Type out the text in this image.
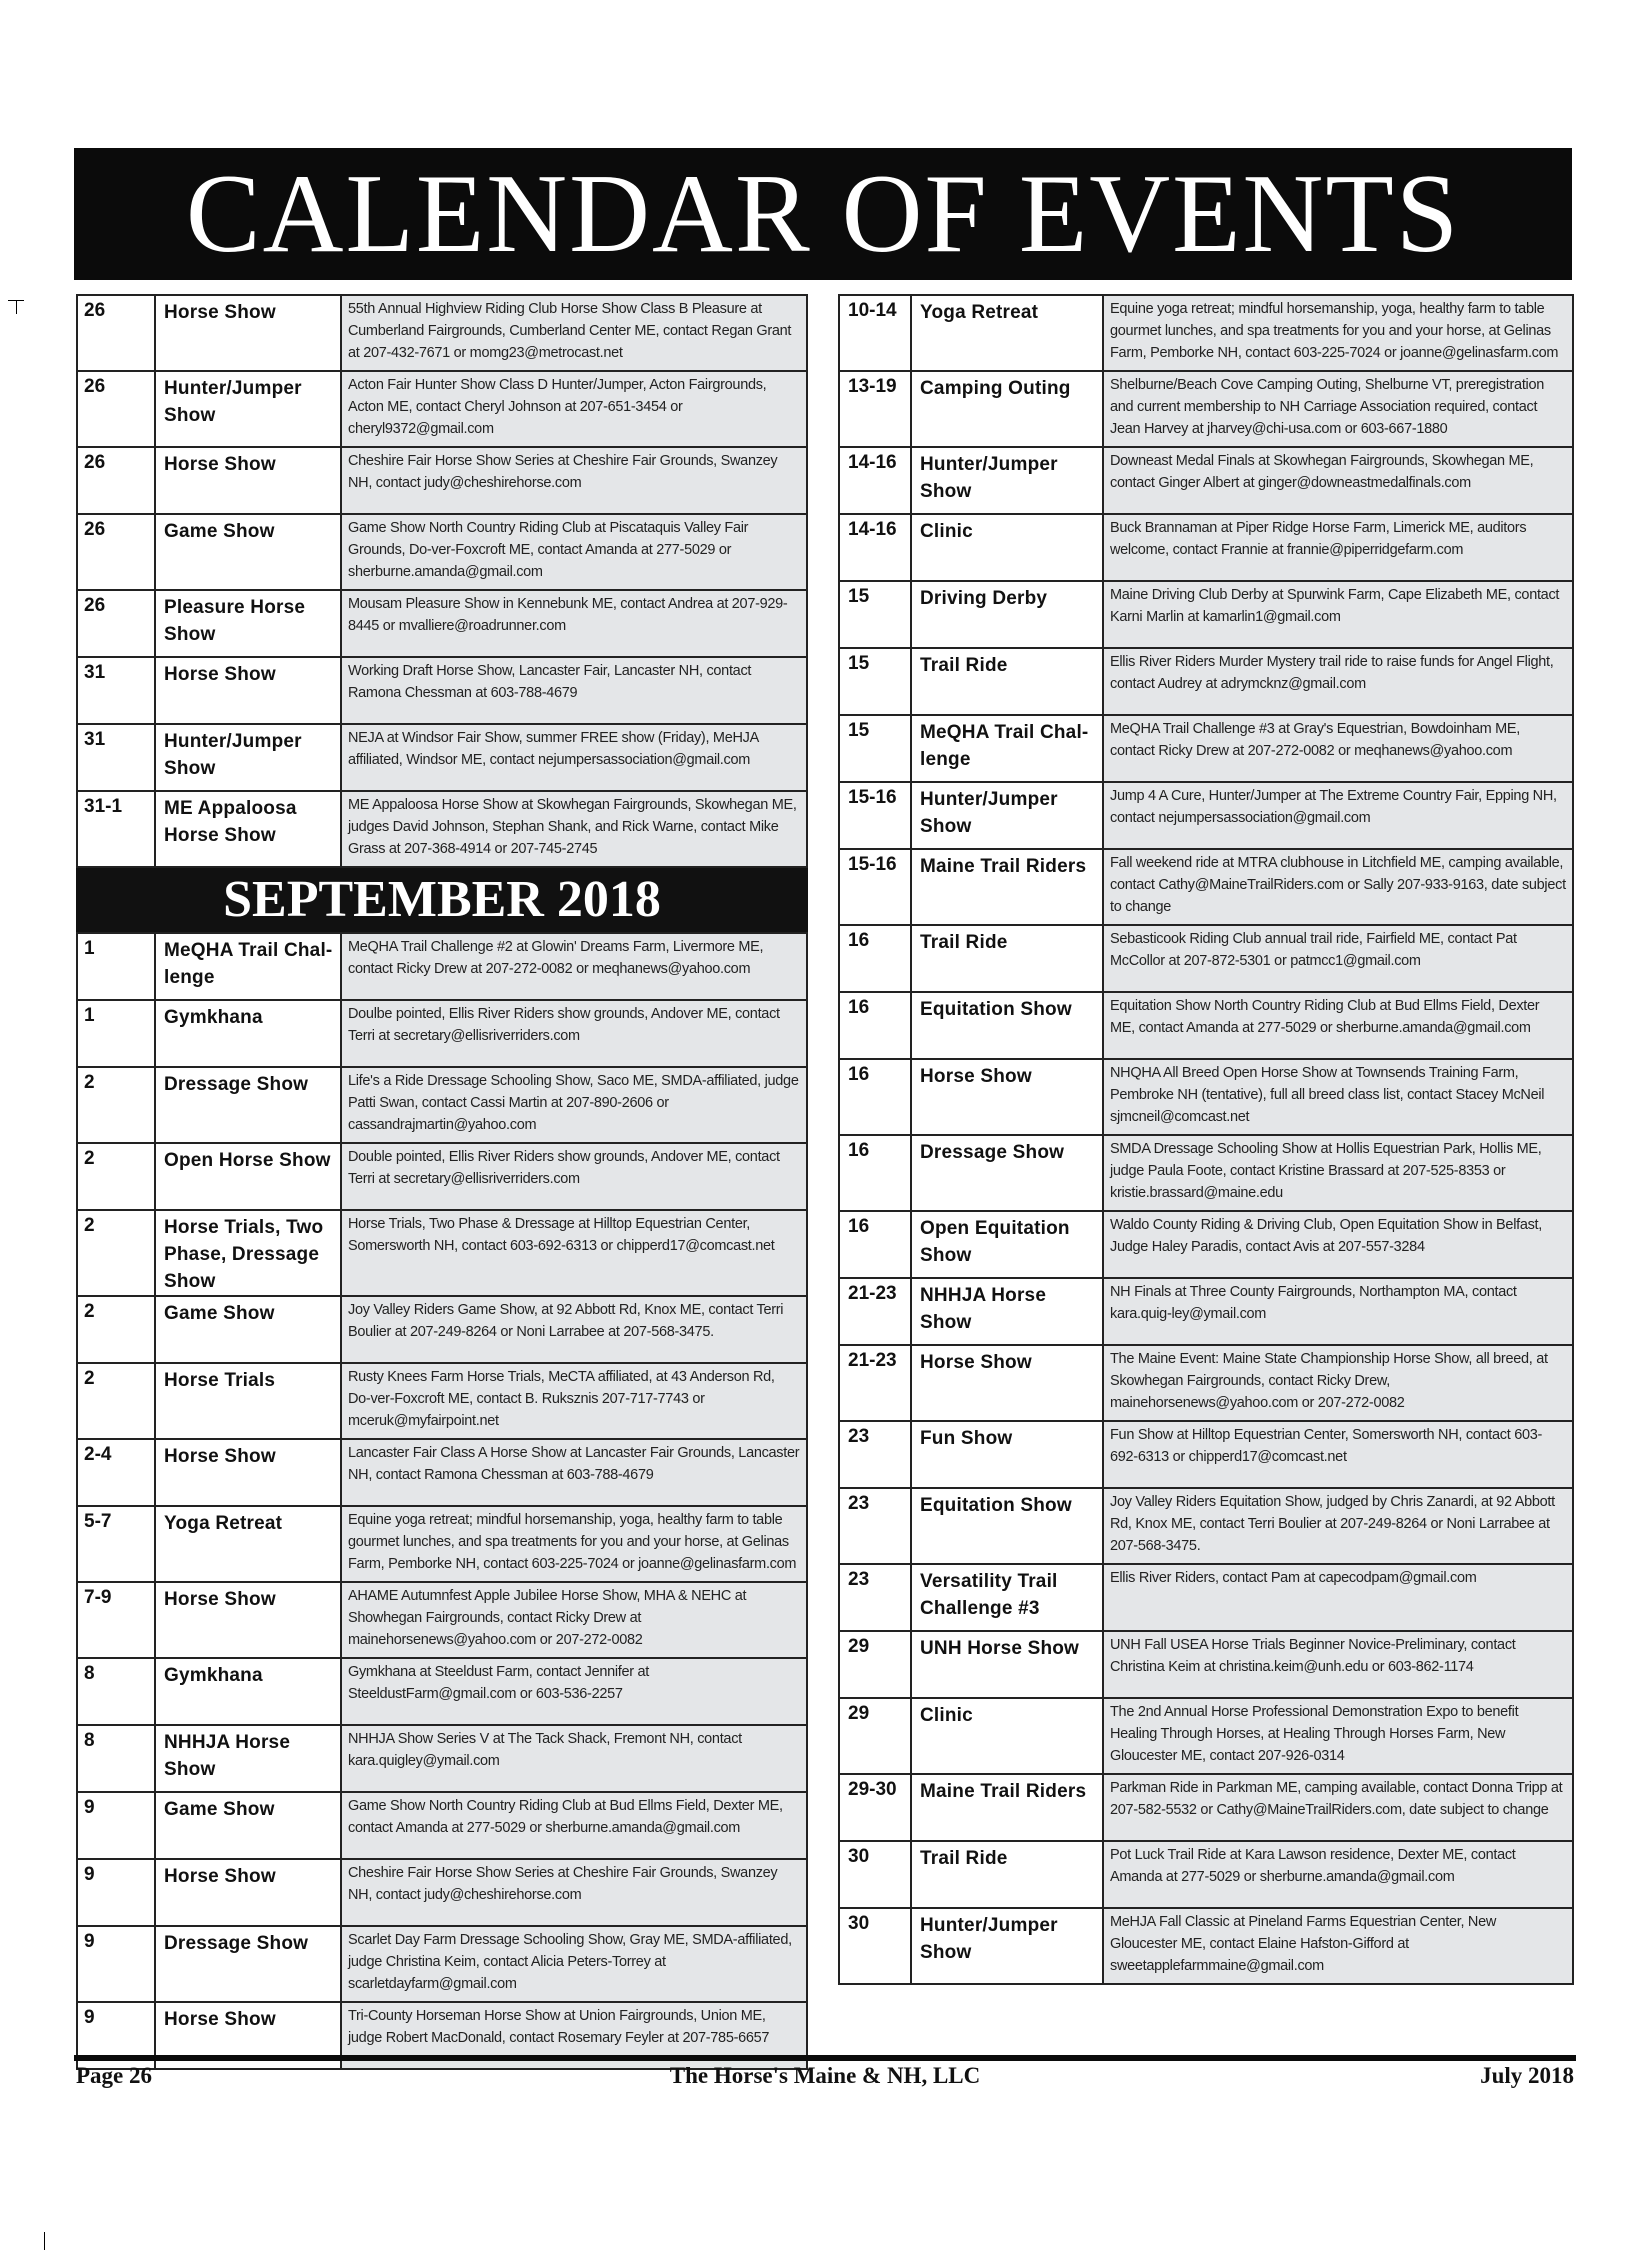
CALENDAR OF EVENTS
26	Horse Show	55th Annual Highview Riding Club Horse Show Class B Pleasure at Cumberland Fairgrounds, Cumberland Center ME, contact Regan Grant at 207-432-7671 or momg23@metrocast.net
26	Hunter/Jumper Show	Acton Fair Hunter Show Class D Hunter/Jumper, Acton Fairgrounds, Acton ME, contact Cheryl Johnson at 207-651-3454 or cheryl9372@gmail.com
26	Horse Show	Cheshire Fair Horse Show Series at Cheshire Fair Grounds, Swanzey NH, contact judy@cheshirehorse.com
26	Game Show	Game Show North Country Riding Club at Piscataquis Valley Fair Grounds, Do-ver-Foxcroft ME, contact Amanda at 277-5029 or sherburne.amanda@gmail.com
26	Pleasure Horse Show	Mousam Pleasure Show in Kennebunk ME, contact Andrea at 207-929-8445 or mvalliere@roadrunner.com
31	Horse Show	Working Draft Horse Show, Lancaster Fair, Lancaster NH, contact Ramona Chessman at 603-788-4679
31	Hunter/Jumper Show	NEJA at Windsor Fair Show, summer FREE show (Friday), MeHJA affiliated, Windsor ME, contact nejumpersassociation@gmail.com
31-1	ME Appaloosa Horse Show	ME Appaloosa Horse Show at Skowhegan Fairgrounds, Skowhegan ME, judges David Johnson, Stephan Shank, and Rick Warne, contact Mike Grass at 207-368-4914 or 207-745-2745
SEPTEMBER 2018
1	MeQHA Trail Chal-lenge	MeQHA Trail Challenge #2 at Glowin' Dreams Farm, Livermore ME, contact Ricky Drew at 207-272-0082 or meqhanews@yahoo.com
1	Gymkhana	Doulbe pointed, Ellis River Riders show grounds, Andover ME, contact Terri at secretary@ellisriverriders.com
2	Dressage Show	Life's a Ride Dressage Schooling Show, Saco ME, SMDA-affiliated, judge Patti Swan, contact Cassi Martin at 207-890-2606 or cassandrajmartin@yahoo.com
2	Open Horse Show	Double pointed, Ellis River Riders show grounds, Andover ME, contact Terri at secretary@ellisriverriders.com
2	Horse Trials, Two Phase, Dressage Show	Horse Trials, Two Phase & Dressage at Hilltop Equestrian Center, Somersworth NH, contact 603-692-6313 or chipperd17@comcast.net
2	Game Show	Joy Valley Riders Game Show, at 92 Abbott Rd, Knox ME, contact Terri Boulier at 207-249-8264 or Noni Larrabee at 207-568-3475.
2	Horse Trials	Rusty Knees Farm Horse Trials, MeCTA affiliated, at 43 Anderson Rd, Do-ver-Foxcroft ME, contact B. Ruksznis 207-717-7743 or mceruk@myfairpoint.net
2-4	Horse Show	Lancaster Fair Class A Horse Show at Lancaster Fair Grounds, Lancaster NH, contact Ramona Chessman at 603-788-4679
5-7	Yoga Retreat	Equine yoga retreat; mindful horsemanship, yoga, healthy farm to table gourmet lunches, and spa treatments for you and your horse, at Gelinas Farm, Pemborke NH, contact 603-225-7024 or joanne@gelinasfarm.com
7-9	Horse Show	AHAME Autumnfest Apple Jubilee Horse Show, MHA & NEHC at Showhegan Fairgrounds, contact Ricky Drew at mainehorsenews@yahoo.com or 207-272-0082
8	Gymkhana	Gymkhana at Steeldust Farm, contact Jennifer at SteeldustFarm@gmail.com or 603-536-2257
8	NHHJA Horse Show	NHHJA Show Series V at The Tack Shack, Fremont NH, contact kara.quigley@ymail.com
9	Game Show	Game Show North Country Riding Club at Bud Ellms Field, Dexter ME, contact Amanda at 277-5029 or sherburne.amanda@gmail.com
9	Horse Show	Cheshire Fair Horse Show Series at Cheshire Fair Grounds, Swanzey NH, contact judy@cheshirehorse.com
9	Dressage Show	Scarlet Day Farm Dressage Schooling Show, Gray ME, SMDA-affiliated, judge Christina Keim, contact Alicia Peters-Torrey at scarletdayfarm@gmail.com
9	Horse Show	Tri-County Horseman Horse Show at Union Fairgrounds, Union ME, judge Robert MacDonald, contact Rosemary Feyler at 207-785-6657
10-14	Yoga Retreat	Equine yoga retreat; mindful horsemanship, yoga, healthy farm to table gourmet lunches, and spa treatments for you and your horse, at Gelinas Farm, Pemborke NH, contact 603-225-7024 or joanne@gelinasfarm.com
13-19	Camping Outing	Shelburne/Beach Cove Camping Outing, Shelburne VT, preregistration and current membership to NH Carriage Association required, contact Jean Harvey at jharvey@chi-usa.com or 603-667-1880
14-16	Hunter/Jumper Show	Downeast Medal Finals at Skowhegan Fairgrounds, Skowhegan ME, contact Ginger Albert at ginger@downeastmedalfinals.com
14-16	Clinic	Buck Brannaman at Piper Ridge Horse Farm, Limerick ME, auditors welcome, contact Frannie at frannie@piperridgefarm.com
15	Driving Derby	Maine Driving Club Derby at Spurwink Farm, Cape Elizabeth ME, contact Karni Marlin at kamarlin1@gmail.com
15	Trail Ride	Ellis River Riders Murder Mystery trail ride to raise funds for Angel Flight, contact Audrey at adrymcknz@gmail.com
15	MeQHA Trail Chal-lenge	MeQHA Trail Challenge #3 at Gray's Equestrian, Bowdoinham ME, contact Ricky Drew at 207-272-0082 or meqhanews@yahoo.com
15-16	Hunter/Jumper Show	Jump 4 A Cure, Hunter/Jumper at The Extreme Country Fair, Epping NH, contact nejumpersassociation@gmail.com
15-16	Maine Trail Riders	Fall weekend ride at MTRA clubhouse in Litchfield ME, camping available, contact Cathy@MaineTrailRiders.com or Sally 207-933-9163, date subject to change
16	Trail Ride	Sebasticook Riding Club annual trail ride, Fairfield ME, contact Pat McCollor at 207-872-5301 or patmcc1@gmail.com
16	Equitation Show	Equitation Show North Country Riding Club at Bud Ellms Field, Dexter ME, contact Amanda at 277-5029 or sherburne.amanda@gmail.com
16	Horse Show	NHQHA All Breed Open Horse Show at Townsends Training Farm, Pembroke NH (tentative), full all breed class list, contact Stacey McNeil sjmcneil@comcast.net
16	Dressage Show	SMDA Dressage Schooling Show at Hollis Equestrian Park, Hollis ME, judge Paula Foote, contact Kristine Brassard at 207-525-8353 or kristie.brassard@maine.edu
16	Open Equitation Show	Waldo County Riding & Driving Club, Open Equitation Show in Belfast, Judge Haley Paradis, contact Avis at 207-557-3284
21-23	NHHJA Horse Show	NH Finals at Three County Fairgrounds, Northampton MA, contact kara.quig-ley@ymail.com
21-23	Horse Show	The Maine Event: Maine State Championship Horse Show, all breed, at Skowhegan Fairgrounds, contact Ricky Drew, mainehorsenews@yahoo.com or 207-272-0082
23	Fun Show	Fun Show at Hilltop Equestrian Center, Somersworth NH, contact 603-692-6313 or chipperd17@comcast.net
23	Equitation Show	Joy Valley Riders Equitation Show, judged by Chris Zanardi, at 92 Abbott Rd, Knox ME, contact Terri Boulier at 207-249-8264 or Noni Larrabee at 207-568-3475.
23	Versatility Trail Challenge #3	Ellis River Riders, contact Pam at capecodpam@gmail.com
29	UNH Horse Show	UNH Fall USEA Horse Trials Beginner Novice-Preliminary, contact Christina Keim at christina.keim@unh.edu or 603-862-1174
29	Clinic	The 2nd Annual Horse Professional Demonstration Expo to benefit Healing Through Horses, at Healing Through Horses Farm, New Gloucester ME, contact 207-926-0314
29-30	Maine Trail Riders	Parkman Ride in Parkman ME, camping available, contact Donna Tripp at 207-582-5532 or Cathy@MaineTrailRiders.com, date subject to change
30	Trail Ride	Pot Luck Trail Ride at Kara Lawson residence, Dexter ME, contact Amanda at 277-5029 or sherburne.amanda@gmail.com
30	Hunter/Jumper Show	MeHJA Fall Classic at Pineland Farms Equestrian Center, New Gloucester ME, contact Elaine Hafston-Gifford at sweetapplefarmmaine@gmail.com
Page 26	The Horse's Maine & NH, LLC	July 2018
